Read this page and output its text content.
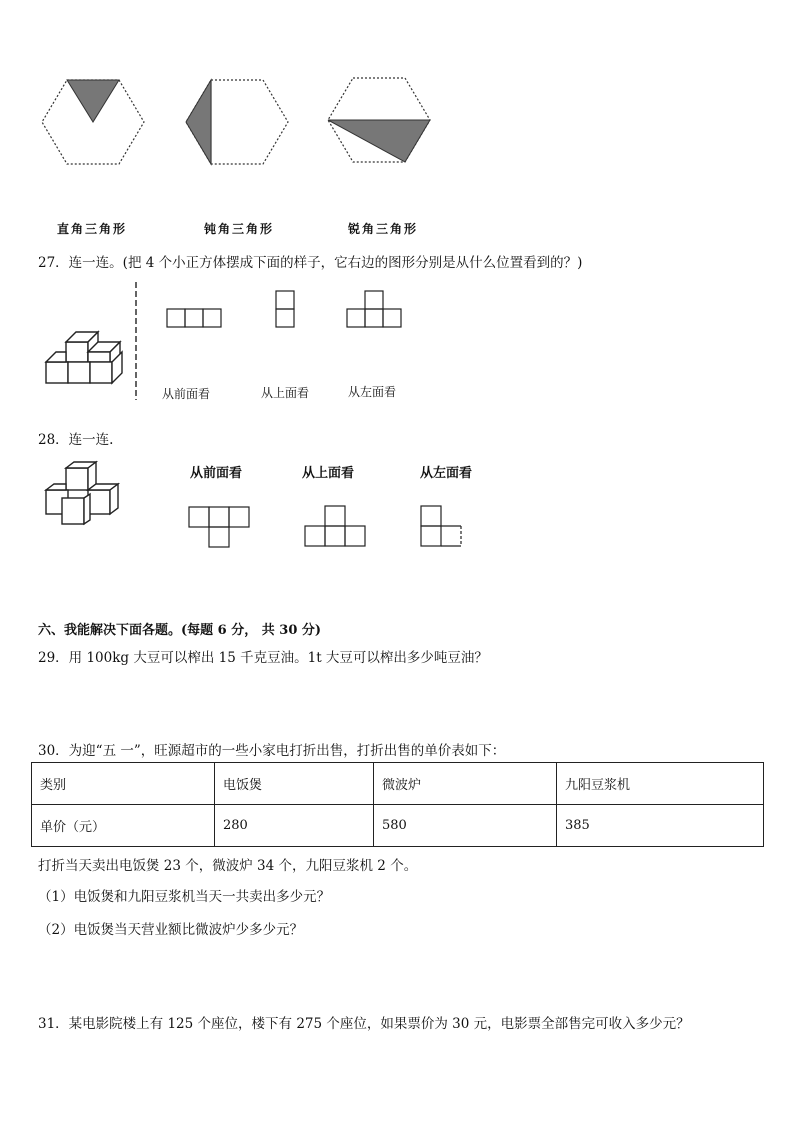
直角三角形	钝角三角形	锐角三角形
27．连一连。(把 4 个小正方体摆成下面的样子，它右边的图形分别是从什么位置看到的？)
从前面看	从上面看	从左面看
28．连一连.
从前面看	从上面看	从左面看
六、我能解决下面各题。(每题 6 分， 共 30 分)
29．用 100kg 大豆可以榨出 15 千克豆油。1t 大豆可以榨出多少吨豆油？
30．为迎“五 一”，旺源超市的一些小家电打折出售，打折出售的单价表如下：
类别	电饭煲	微波炉	九阳豆浆机
单价（元）	280	580	385
打折当天卖出电饭煲 23 个，微波炉 34 个，九阳豆浆机 2 个。
（1）电饭煲和九阳豆浆机当天一共卖出多少元？
（2）电饭煲当天营业额比微波炉少多少元？
31．某电影院楼上有 125 个座位，楼下有 275 个座位，如果票价为 30 元，电影票全部售完可收入多少元？
